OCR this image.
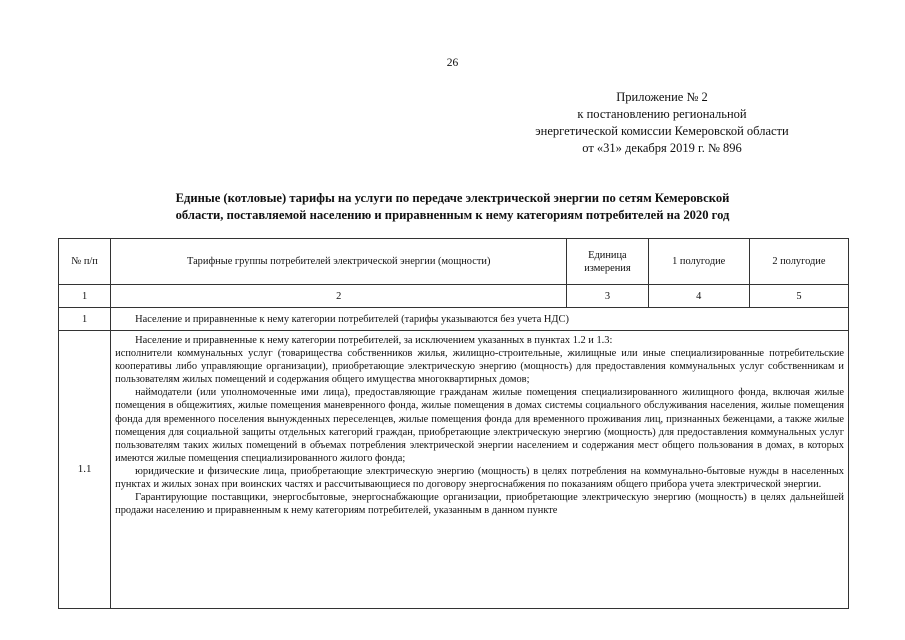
26
Приложение № 2
к постановлению региональной
энергетической комиссии Кемеровской области
от «31» декабря 2019 г. № 896
Единые (котловые) тарифы на услуги по передаче электрической энергии по сетям Кемеровской
области, поставляемой населению и приравненным к нему категориям потребителей на 2020 год
№ п/п	Тарифные группы потребителей электрической энергии (мощности)	Единица измерения	1 полугодие	2 полугодие
1	2	3	4	5
1	Население и приравненные к нему категории потребителей (тарифы указываются без учета НДС)			
1.1	Население и приравненные к нему категории потребителей, за исключением указанных в пунктах 1.2 и 1.3:

исполнители коммунальных услуг (товарищества собственников жилья, жилищно-строительные, жилищные или иные специализированные потребительские кооперативы либо управляющие организации), приобретающие электрическую энергию (мощность) для предоставления коммунальных услуг собственникам и пользователям жилых помещений и содержания общего имущества многоквартирных домов;

наймодатели (или уполномоченные ими лица), предоставляющие гражданам жилые помещения специализированного жилищного фонда, включая жилые помещения в общежитиях, жилые помещения маневренного фонда, жилые помещения в домах системы социального обслуживания населения, жилые помещения фонда для временного поселения вынужденных переселенцев, жилые помещения фонда для временного проживания лиц, признанных беженцами, а также жилые помещения для социальной защиты отдельных категорий граждан, приобретающие электрическую энергию (мощность) для предоставления коммунальных услуг пользователям таких жилых помещений в объемах потребления электрической энергии населением и содержания мест общего пользования в домах, в которых имеются жилые помещения специализированного жилого фонда;

юридические и физические лица, приобретающие электрическую энергию (мощность) в целях потребления на коммунально-бытовые нужды в населенных пунктах и жилых зонах при воинских частях и рассчитывающиеся по договору энергоснабжения по показаниям общего прибора учета электрической энергии.

Гарантирующие поставщики, энергосбытовые, энергоснабжающие организации, приобретающие электрическую энергию (мощность) в целях дальнейшей продажи населению и приравненным к нему категориям потребителей, указанным в данном пункте			
